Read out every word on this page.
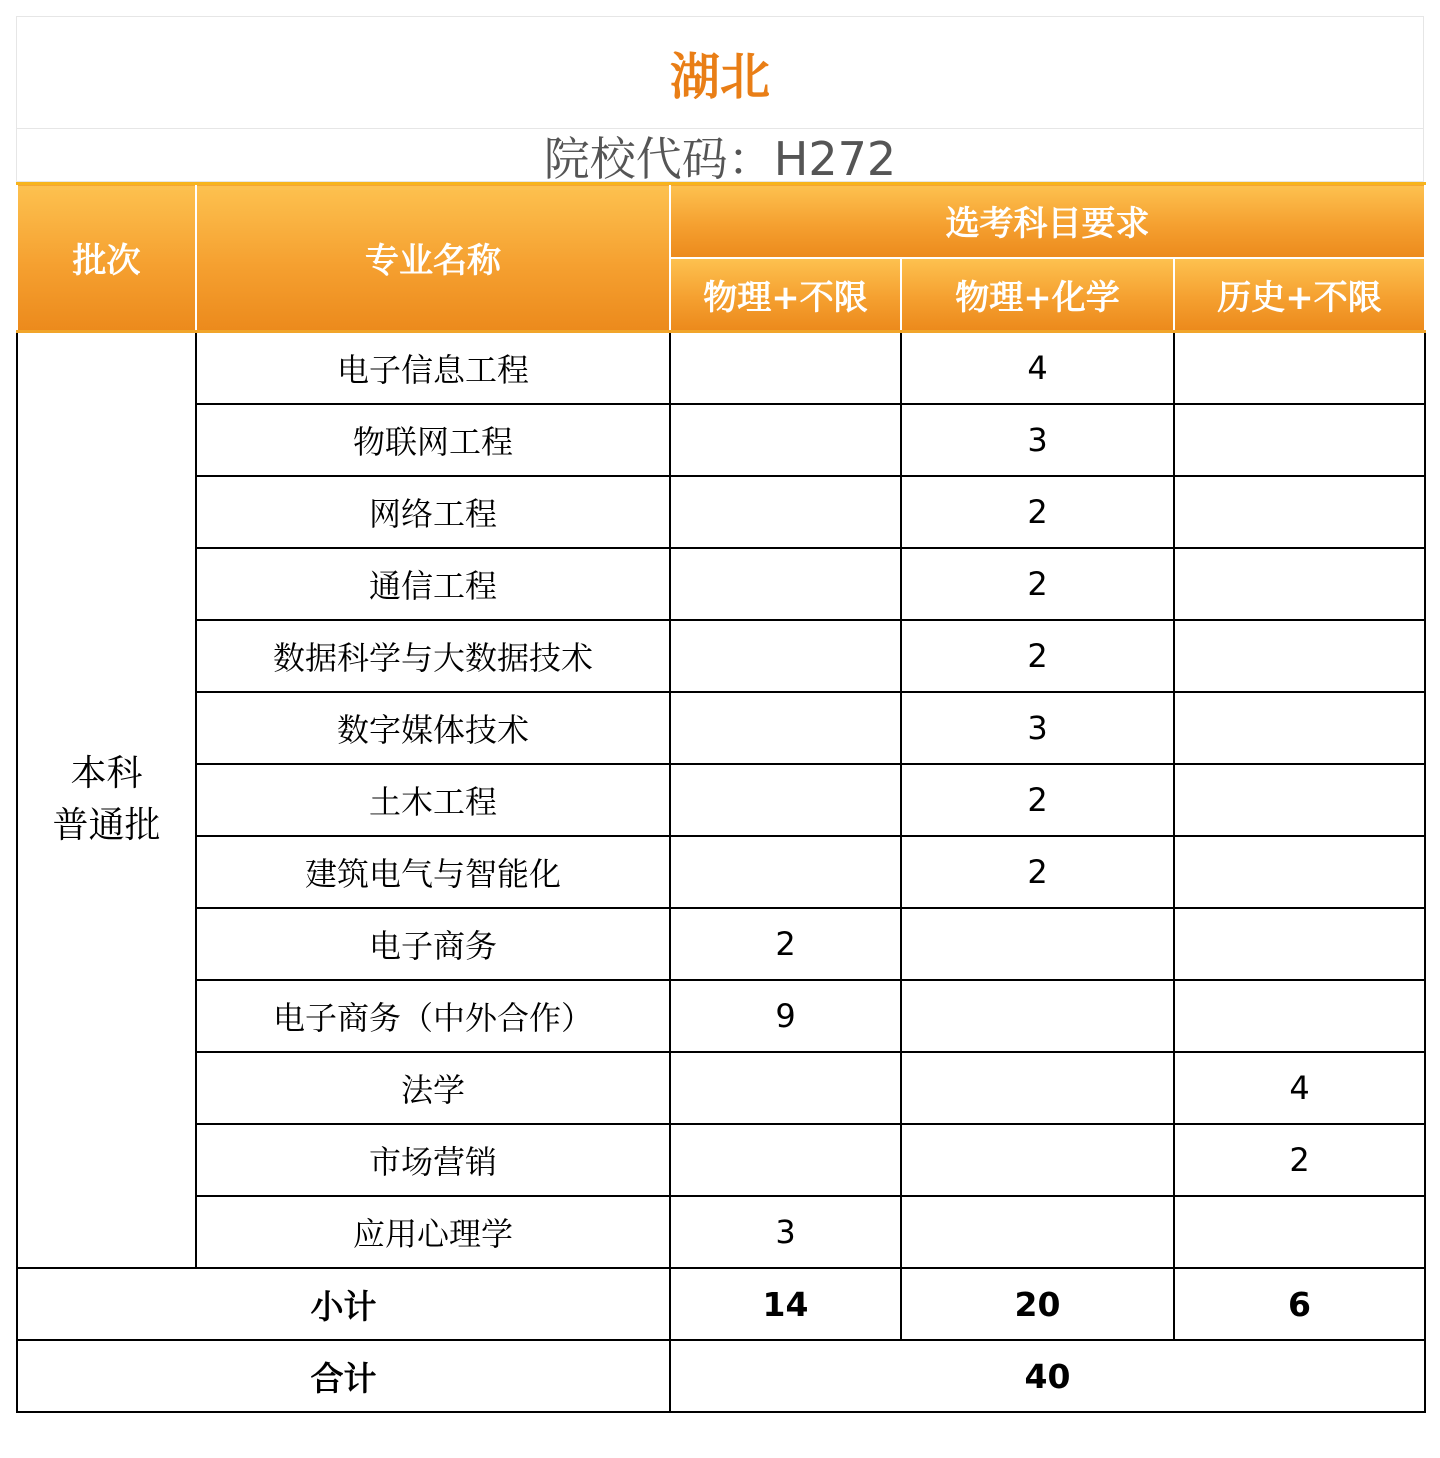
湖北
院校代码：H272
批次	专业名称	选考科目要求		
		物理+不限	物理+化学	历史+不限

本科
普通批	电子信息工程		4	
	物联网工程		3	
	网络工程		2	
	通信工程		2	
	数据科学与大数据技术		2	
	数字媒体技术		3	
	土木工程		2	
	建筑电气与智能化		2	
	电子商务	2		
	电子商务（中外合作）	9		
	法学			4
	市场营销			2
	应用心理学	3		
小计		14	20	6
合计		40		
